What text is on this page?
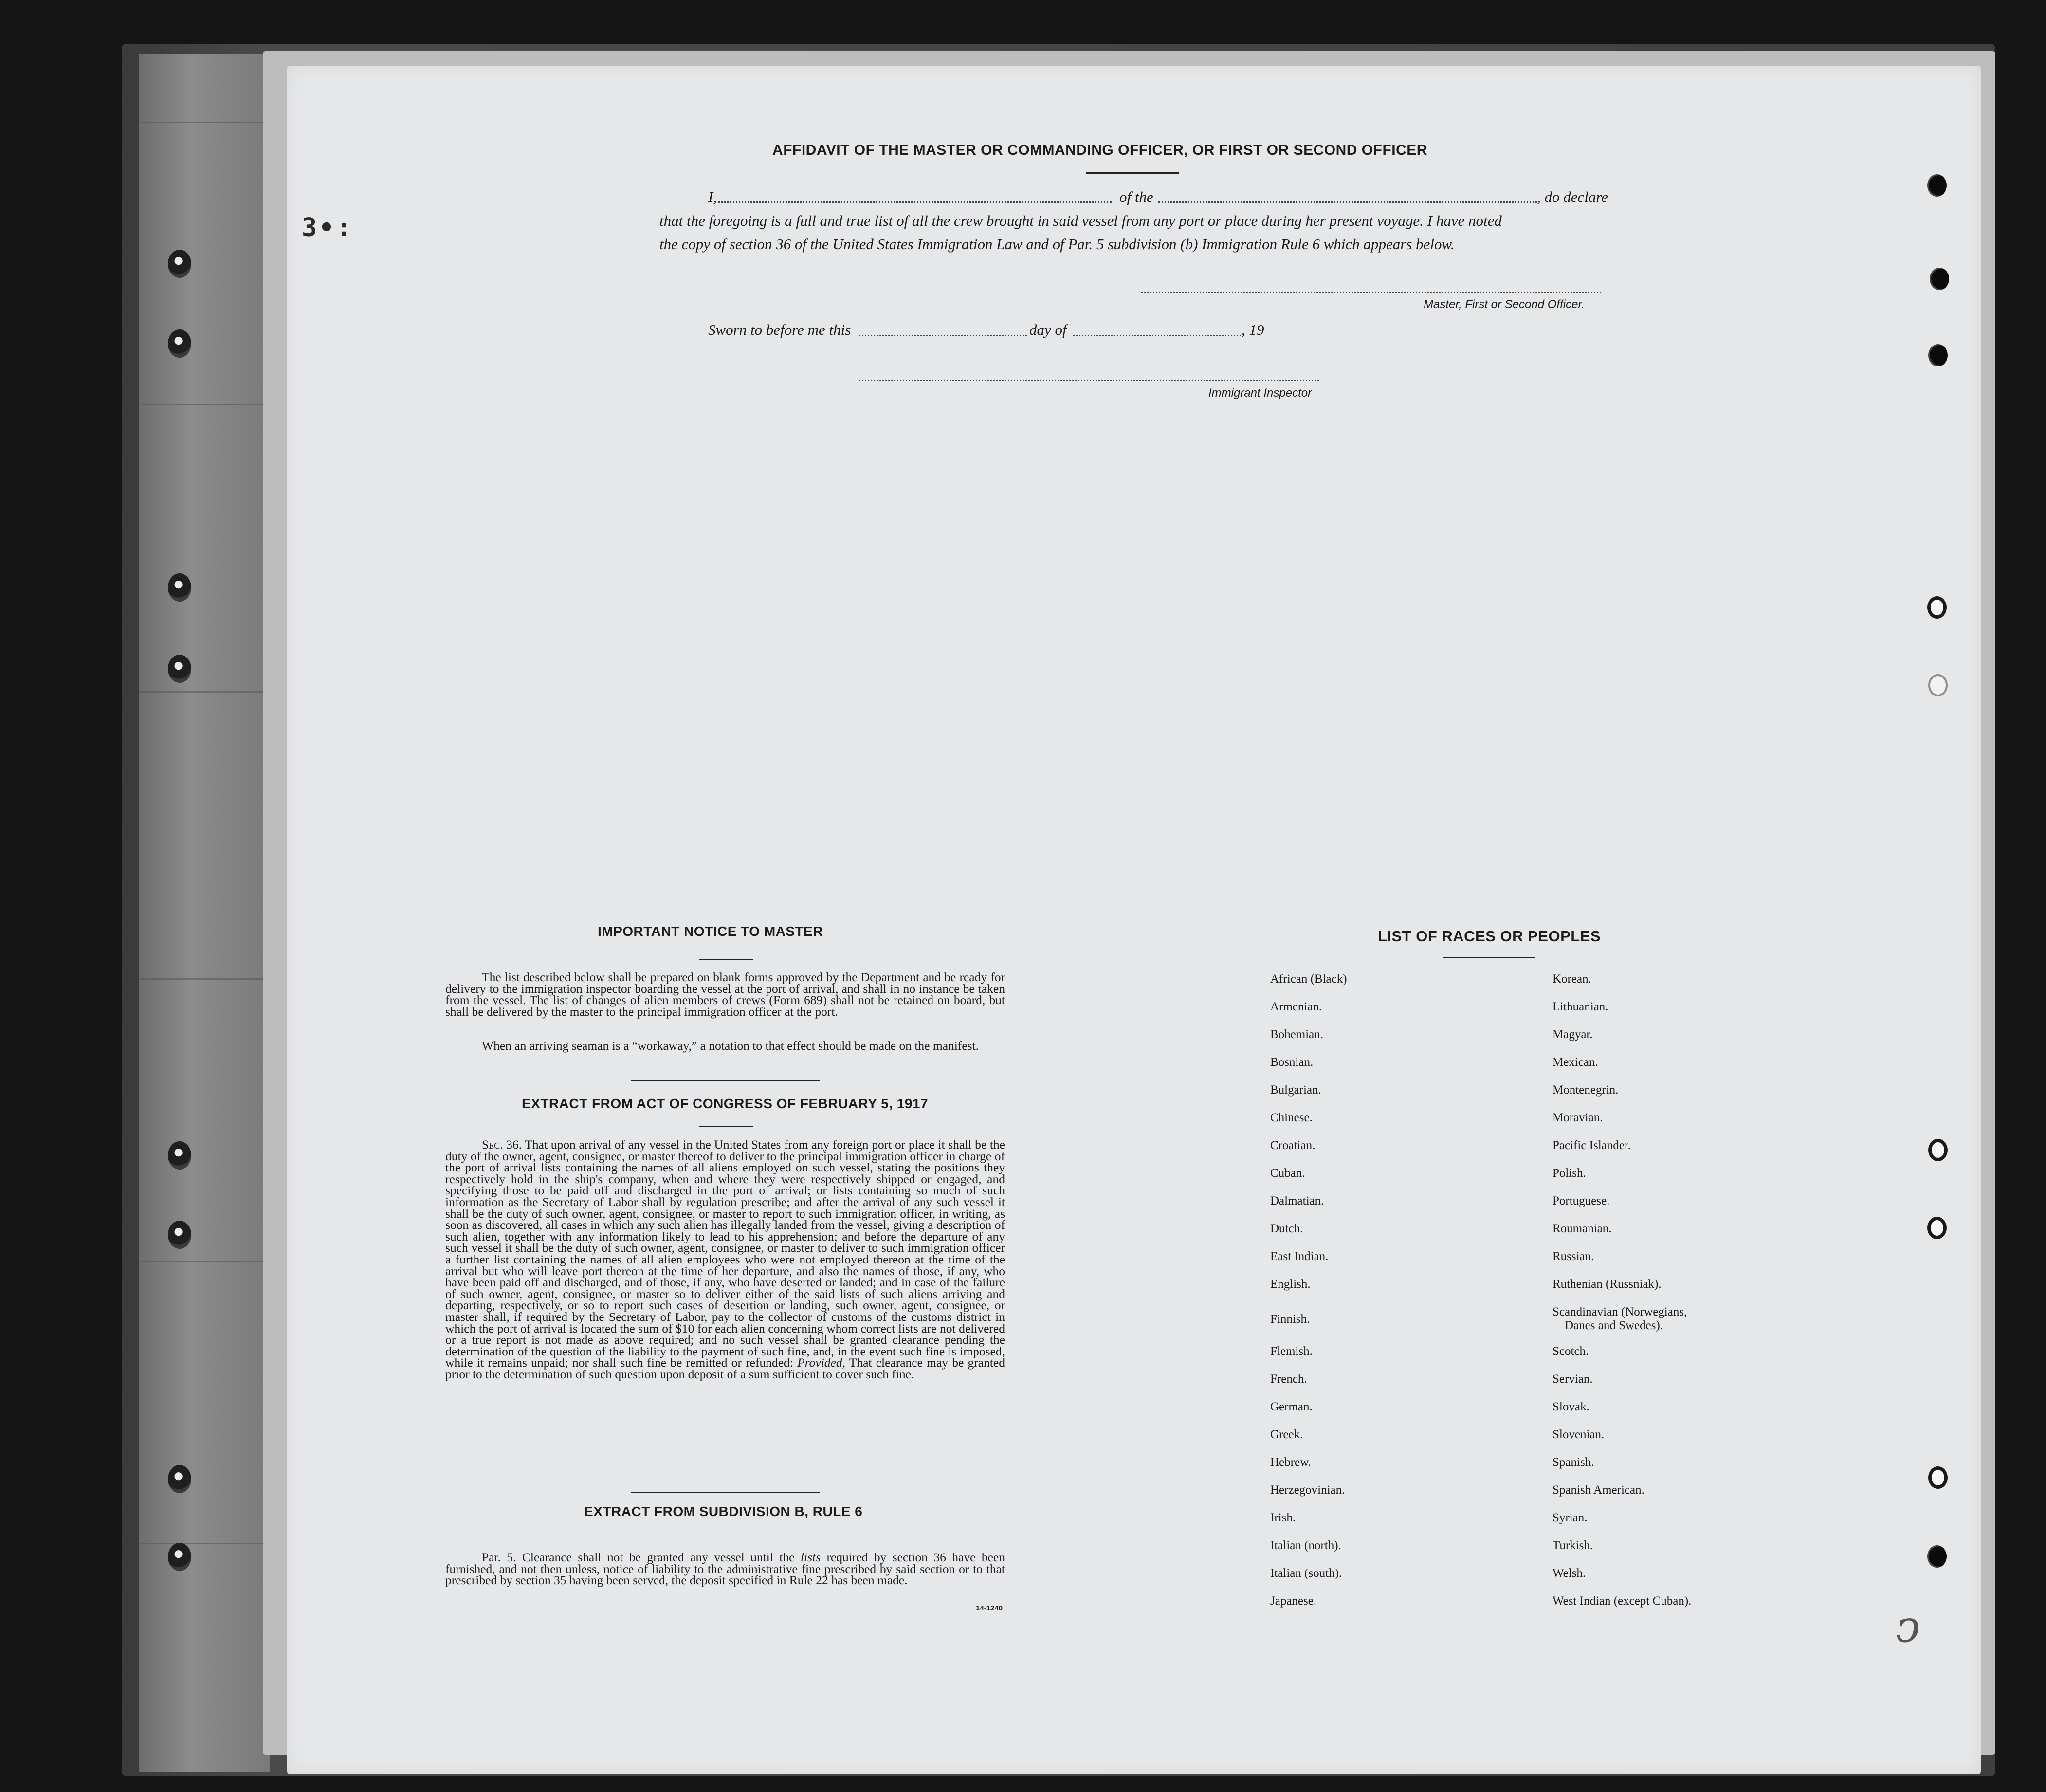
3•:
AFFIDAVIT OF THE MASTER OR COMMANDING OFFICER, OR FIRST OR SECOND OFFICER
I,	of the	, do declare
that the foregoing is a full and true list of all the crew brought in said vessel from any port or place during her present voyage. I have noted
the copy of section 36 of the United States Immigration Law and of Par. 5 subdivision (b) Immigration Rule 6 which appears below.
Master, First or Second Officer.
Sworn to before me this	day of	, 19
Immigrant Inspector
IMPORTANT NOTICE TO MASTER

The list described below shall be prepared on blank forms approved by the Department and be ready for delivery to the immigration inspector boarding the vessel at the port of arrival, and shall in no instance be taken from the vessel. The list of changes of alien members of crews (Form 689) shall not be retained on board, but shall be delivered by the master to the principal immigration officer at the port.

When an arriving seaman is a “workaway,” a notation to that effect should be made on the manifest.

EXTRACT FROM ACT OF CONGRESS OF FEBRUARY 5, 1917

Sec. 36. That upon arrival of any vessel in the United States from any foreign port or place it shall be the duty of the owner, agent, consignee, or master thereof to deliver to the principal immigration officer in charge of the port of arrival lists containing the names of all aliens employed on such vessel, stating the positions they respectively hold in the ship's company, when and where they were respectively shipped or engaged, and specifying those to be paid off and discharged in the port of arrival; or lists containing so much of such information as the Secretary of Labor shall by regulation prescribe; and after the arrival of any such vessel it shall be the duty of such owner, agent, consignee, or master to report to such immigration officer, in writing, as soon as discovered, all cases in which any such alien has illegally landed from the vessel, giving a description of such alien, together with any information likely to lead to his apprehension; and before the departure of any such vessel it shall be the duty of such owner, agent, consignee, or master to deliver to such immigration officer a further list containing the names of all alien employees who were not employed thereon at the time of the arrival but who will leave port thereon at the time of her departure, and also the names of those, if any, who have been paid off and discharged, and of those, if any, who have deserted or landed; and in case of the failure of such owner, agent, consignee, or master so to deliver either of the said lists of such aliens arriving and departing, respectively, or so to report such cases of desertion or landing, such owner, agent, consignee, or master shall, if required by the Secretary of Labor, pay to the collector of customs of the customs district in which the port of arrival is located the sum of $10 for each alien concerning whom correct lists are not delivered or a true report is not made as above required; and no such vessel shall be granted clearance pending the determination of the question of the liability to the payment of such fine, and, in the event such fine is imposed, while it remains unpaid; nor shall such fine be remitted or refunded: Provided, That clearance may be granted prior to the determination of such question upon deposit of a sum sufficient to cover such fine.

EXTRACT FROM SUBDIVISION B, RULE 6

Par. 5. Clearance shall not be granted any vessel until the lists required by section 36 have been furnished, and not then unless, notice of liability to the administrative fine prescribed by said section or to that prescribed by section 35 having been served, the deposit specified in Rule 22 has been made.

14-1240
LIST OF RACES OR PEOPLES
African (Black)
Armenian.
Bohemian.
Bosnian.
Bulgarian.
Chinese.
Croatian.
Cuban.
Dalmatian.
Dutch.
East Indian.
English.
Finnish.
Flemish.
French.
German.
Greek.
Hebrew.
Herzegovinian.
Irish.
Italian (north).
Italian (south).
Japanese.
Korean.
Lithuanian.
Magyar.
Mexican.
Montenegrin.
Moravian.
Pacific Islander.
Polish.
Portuguese.
Roumanian.
Russian.
Ruthenian (Russniak).
Scandinavian (Norwegians,
Danes and Swedes).
Scotch.
Servian.
Slovak.
Slovenian.
Spanish.
Spanish American.
Syrian.
Turkish.
Welsh.
West Indian (except Cuban).
ↄ
